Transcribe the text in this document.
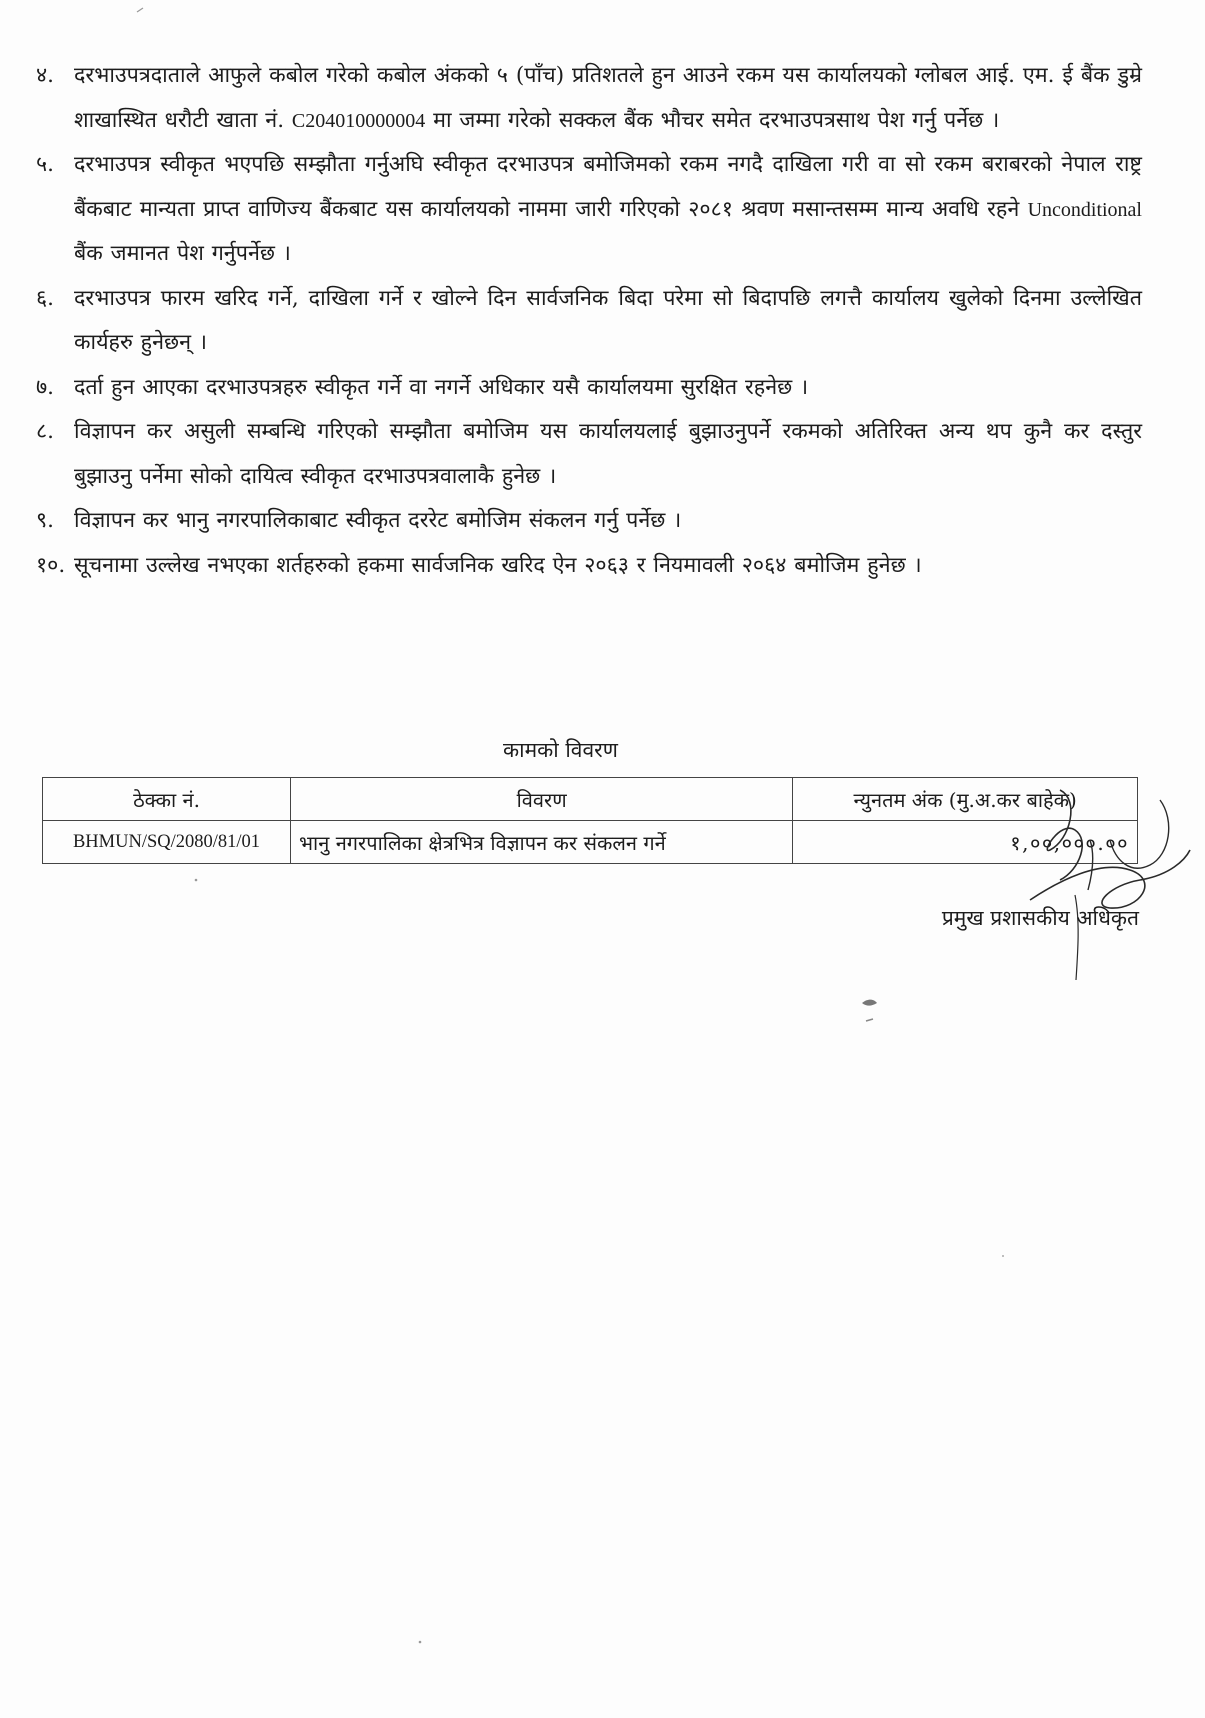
४. दरभाउपत्रदाताले आफुले कबोल गरेको कबोल अंकको ५ (पाँच) प्रतिशतले हुन आउने रकम यस कार्यालयको ग्लोबल आई. एम. ई बैंक डुम्रे शाखास्थित धरौटी खाता नं. C204010000004 मा जम्मा गरेको सक्कल बैंक भौचर समेत दरभाउपत्रसाथ पेश गर्नु पर्नेछ ।
५. दरभाउपत्र स्वीकृत भएपछि सम्झौता गर्नुअघि स्वीकृत दरभाउपत्र बमोजिमको रकम नगदै दाखिला गरी वा सो रकम बराबरको नेपाल राष्ट्र बैंकबाट मान्यता प्राप्त वाणिज्य बैंकबाट यस कार्यालयको नाममा जारी गरिएको २०८१ श्रवण मसान्तसम्म मान्य अवधि रहने Unconditional बैंक जमानत पेश गर्नुपर्नेछ ।
६. दरभाउपत्र फारम खरिद गर्ने, दाखिला गर्ने र खोल्ने दिन सार्वजनिक बिदा परेमा सो बिदापछि लगत्तै कार्यालय खुलेको दिनमा उल्लेखित कार्यहरु हुनेछन् ।
७. दर्ता हुन आएका दरभाउपत्रहरु स्वीकृत गर्ने वा नगर्ने अधिकार यसै कार्यालयमा सुरक्षित रहनेछ ।
८. विज्ञापन कर असुली सम्बन्धि गरिएको सम्झौता बमोजिम यस कार्यालयलाई बुझाउनुपर्ने रकमको अतिरिक्त अन्य थप कुनै कर दस्तुर बुझाउनु पर्नेमा सोको दायित्व स्वीकृत दरभाउपत्रवालाकै हुनेछ ।
९. विज्ञापन कर भानु नगरपालिकाबाट स्वीकृत दररेट बमोजिम संकलन गर्नु पर्नेछ ।
१०. सूचनामा उल्लेख नभएका शर्तहरुको हकमा सार्वजनिक खरिद ऐन २०६३ र नियमावली २०६४ बमोजिम हुनेछ ।
कामको विवरण
ठेक्का नं.	विवरण	न्युनतम अंक (मु.अ.कर बाहेक)
BHMUN/SQ/2080/81/01	भानु नगरपालिका क्षेत्रभित्र विज्ञापन कर संकलन गर्ने	१,००,०००.००
प्रमुख प्रशासकीय अधिकृत
